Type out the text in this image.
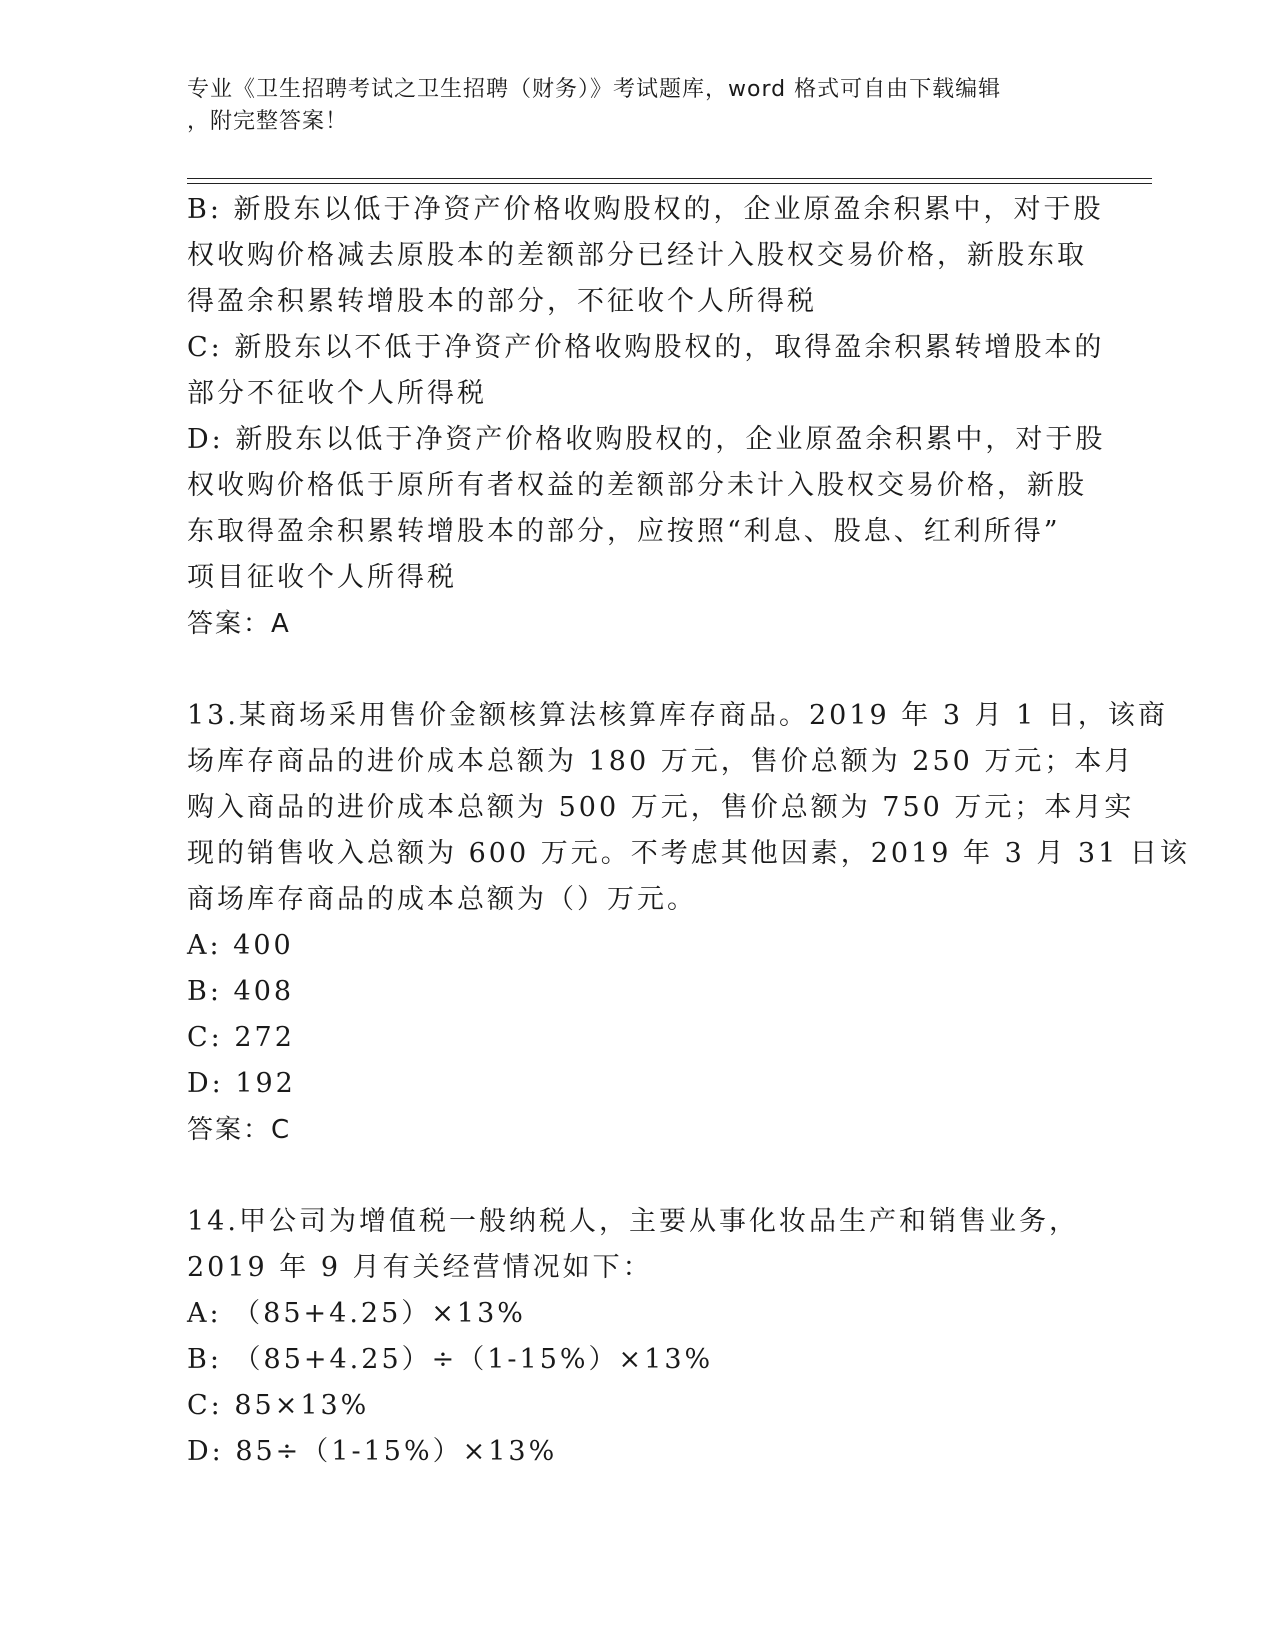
专业《卫生招聘考试之卫生招聘（财务）》考试题库，word 格式可自由下载编辑
，附完整答案！
B: 新股东以低于净资产价格收购股权的，企业原盈余积累中，对于股
权收购价格减去原股本的差额部分已经计入股权交易价格，新股东取
得盈余积累转增股本的部分，不征收个人所得税
C: 新股东以不低于净资产价格收购股权的，取得盈余积累转增股本的
部分不征收个人所得税
D: 新股东以低于净资产价格收购股权的，企业原盈余积累中，对于股
权收购价格低于原所有者权益的差额部分未计入股权交易价格，新股
东取得盈余积累转增股本的部分，应按照“利息、股息、红利所得”
项目征收个人所得税
答案：A
13.某商场采用售价金额核算法核算库存商品。2019 年 3 月 1 日，该商
场库存商品的进价成本总额为 180 万元，售价总额为 250 万元；本月
购入商品的进价成本总额为 500 万元，售价总额为 750 万元；本月实
现的销售收入总额为 600 万元。不考虑其他因素，2019 年 3 月 31 日该
商场库存商品的成本总额为（）万元。
A: 400
B: 408
C: 272
D: 192
答案：C
14.甲公司为增值税一般纳税人，主要从事化妆品生产和销售业务，
2019 年 9 月有关经营情况如下：
A: （85+4.25）×13%
B: （85+4.25）÷（1-15%）×13%
C: 85×13%
D: 85÷（1-15%）×13%
